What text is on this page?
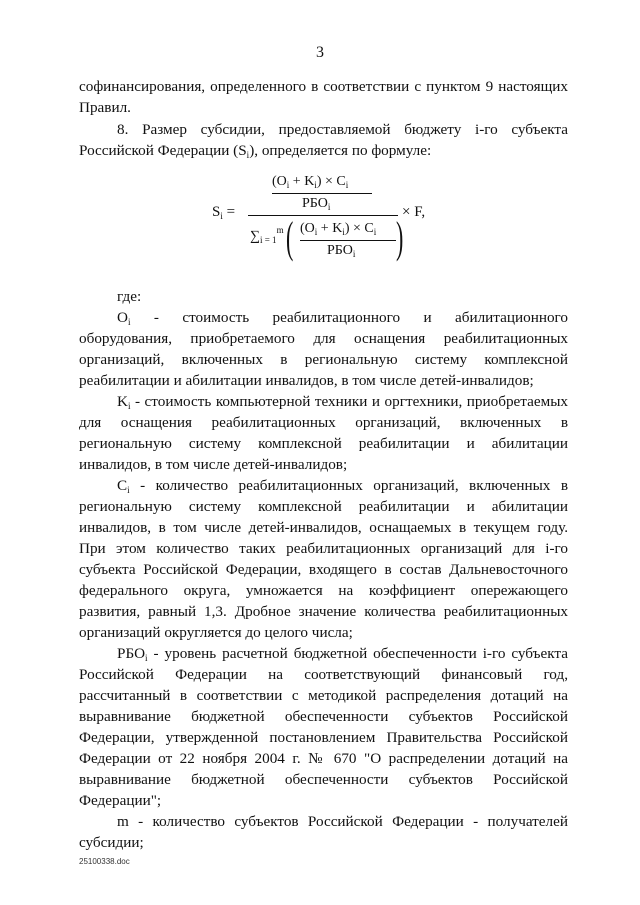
3
софинансирования, определенного в соответствии с пунктом 9 настоящих
Правил.
8. Размер субсидии, предоставляемой бюджету i-го субъекта
Российской Федерации $(S_i)$, определяется по формуле:
где:
$O_i$ - стоимость реабилитационного и абилитационного
оборудования, приобретаемого для оснащения реабилитационных
организаций, включенных в региональную систему комплексной
реабилитации и абилитации инвалидов, в том числе детей-инвалидов;
$K_i$ - стоимость компьютерной техники и оргтехники, приобретаемых
для оснащения реабилитационных организаций, включенных в
региональную систему комплексной реабилитации и абилитации
инвалидов, в том числе детей-инвалидов;
$C_i$ - количество реабилитационных организаций, включенных в
региональную систему комплексной реабилитации и абилитации
инвалидов, в том числе детей-инвалидов, оснащаемых в текущем году.
При этом количество таких реабилитационных организаций для i-го
субъекта Российской Федерации, входящего в состав Дальневосточного
федерального округа, умножается на коэффициент опережающего
развития, равный 1,3. Дробное значение количества реабилитационных
организаций округляется до целого числа;
$РБО_i$ - уровень расчетной бюджетной обеспеченности i-го субъекта
Российской Федерации на соответствующий финансовый год,
рассчитанный в соответствии с методикой распределения дотаций на
выравнивание бюджетной обеспеченности субъектов Российской
Федерации, утвержденной постановлением Правительства Российской
Федерации от 22 ноября 2004 г. № 670 "О распределении дотаций на
выравнивание бюджетной обеспеченности субъектов Российской
Федерации";
m - количество субъектов Российской Федерации - получателей
субсидии;
$S_i$ =
$(O_i + K_i) \times C_i$
$РБО_i$
$\sum_{i = 1}^m$ ( $(O_i + K_i) \times C_i$
$РБО_i$ )
× F,
25100338.doc
